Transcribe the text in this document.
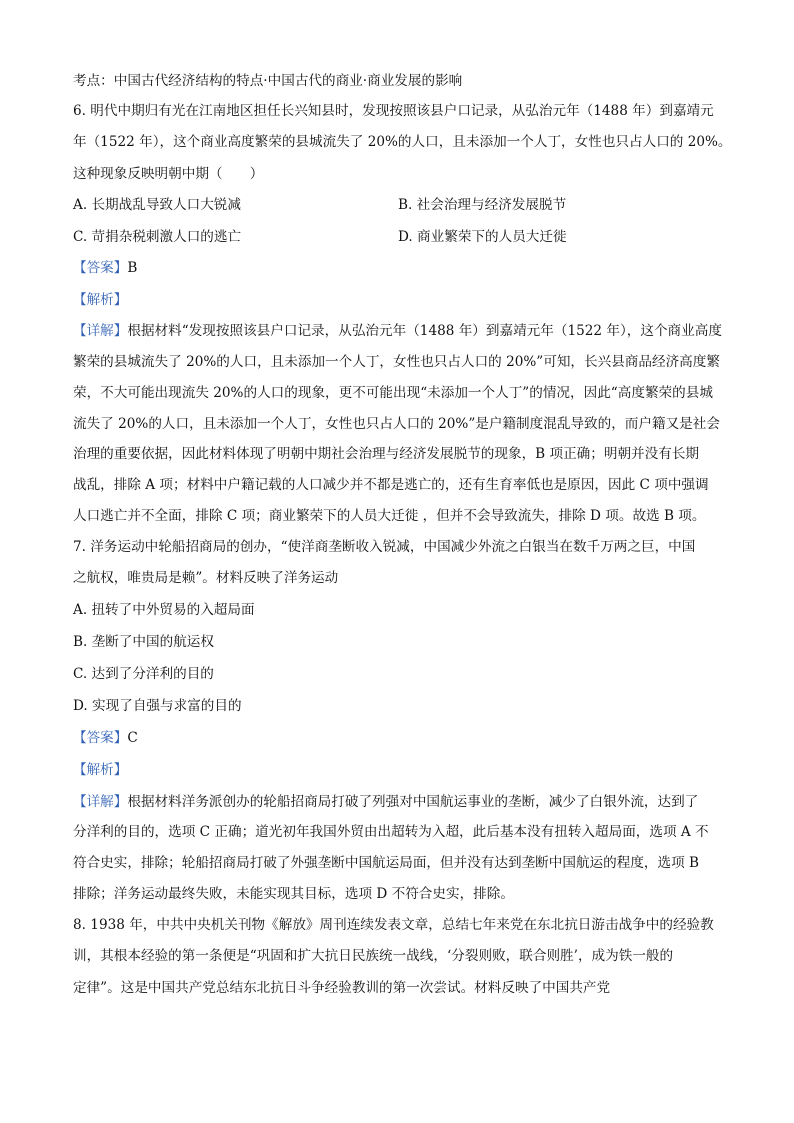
考点：中国古代经济结构的特点·中国古代的商业·商业发展的影响
6. 明代中期归有光在江南地区担任长兴知县时，发现按照该县户口记录，从弘治元年（1488 年）到嘉靖元
年（1522 年），这个商业高度繁荣的县城流失了 20%的人口，且未添加一个人丁，女性也只占人口的 20%。
这种现象反映明朝中期（　　）
A. 长期战乱导致人口大锐减	B. 社会治理与经济发展脱节
C. 苛捐杂税刺激人口的逃亡	D. 商业繁荣下的人员大迁徙
【答案】B
【解析】
【详解】根据材料“发现按照该县户口记录，从弘治元年（1488 年）到嘉靖元年（1522 年），这个商业高度
繁荣的县城流失了 20%的人口，且未添加一个人丁，女性也只占人口的 20%”可知，长兴县商品经济高度繁
荣，不大可能出现流失 20%的人口的现象，更不可能出现“未添加一个人丁”的情况，因此“高度繁荣的县城
流失了 20%的人口，且未添加一个人丁，女性也只占人口的 20%”是户籍制度混乱导致的，而户籍又是社会
治理的重要依据，因此材料体现了明朝中期社会治理与经济发展脱节的现象，B 项正确；明朝并没有长期
战乱，排除 A 项；材料中户籍记载的人口减少并不都是逃亡的，还有生育率低也是原因，因此 C 项中强调
人口逃亡并不全面，排除 C 项；商业繁荣下的人员大迁徙 ，但并不会导致流失，排除 D 项。故选 B 项。
7. 洋务运动中轮船招商局的创办，“使洋商垄断收入锐减，中国减少外流之白银当在数千万两之巨，中国
之航权，唯贵局是赖”。材料反映了洋务运动
A. 扭转了中外贸易的入超局面
B. 垄断了中国的航运权
C. 达到了分洋利的目的
D. 实现了自强与求富的目的
【答案】C
【解析】
【详解】根据材料洋务派创办的轮船招商局打破了列强对中国航运事业的垄断，减少了白银外流，达到了
分洋利的目的，选项 C 正确；道光初年我国外贸由出超转为入超，此后基本没有扭转入超局面，选项 A 不
符合史实，排除；轮船招商局打破了外强垄断中国航运局面，但并没有达到垄断中国航运的程度，选项 B
排除；洋务运动最终失败，未能实现其目标，选项 D 不符合史实，排除。
8. 1938 年，中共中央机关刊物《解放》周刊连续发表文章，总结七年来党在东北抗日游击战争中的经验教
训，其根本经验的第一条便是“巩固和扩大抗日民族统一战线，‘分裂则败，联合则胜’，成为铁一般的
定律”。这是中国共产党总结东北抗日斗争经验教训的第一次尝试。材料反映了中国共产党
